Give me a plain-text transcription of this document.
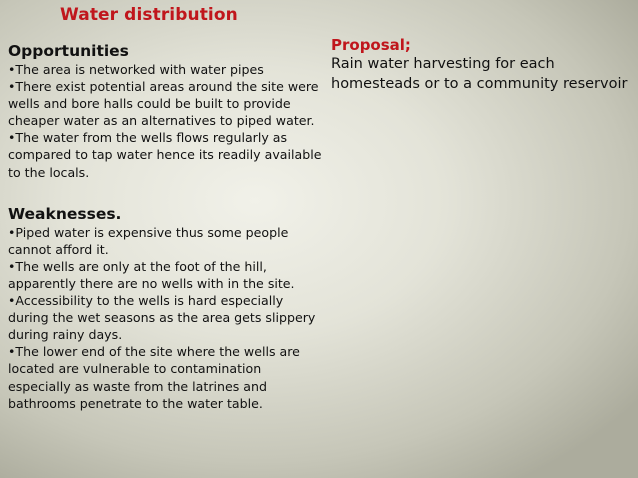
Water distribution
Opportunities
•The area is networked with water pipes
•There exist potential areas around the site were wells and bore halls could be built to provide cheaper water as an alternatives to piped water.
•The water from the wells flows regularly as compared to tap water hence its readily available to the locals.
Weaknesses.
•Piped water is expensive thus some people cannot afford it.
•The wells are only at the foot of the hill, apparently there are no wells with in the site.
•Accessibility to the wells is hard especially during the wet seasons as the area gets slippery during rainy days.
•The lower end of the site where the wells are located are vulnerable to contamination especially as waste from the latrines and bathrooms penetrate to the water table.
Proposal;

Rain water harvesting for each homesteads or to a community reservoir
